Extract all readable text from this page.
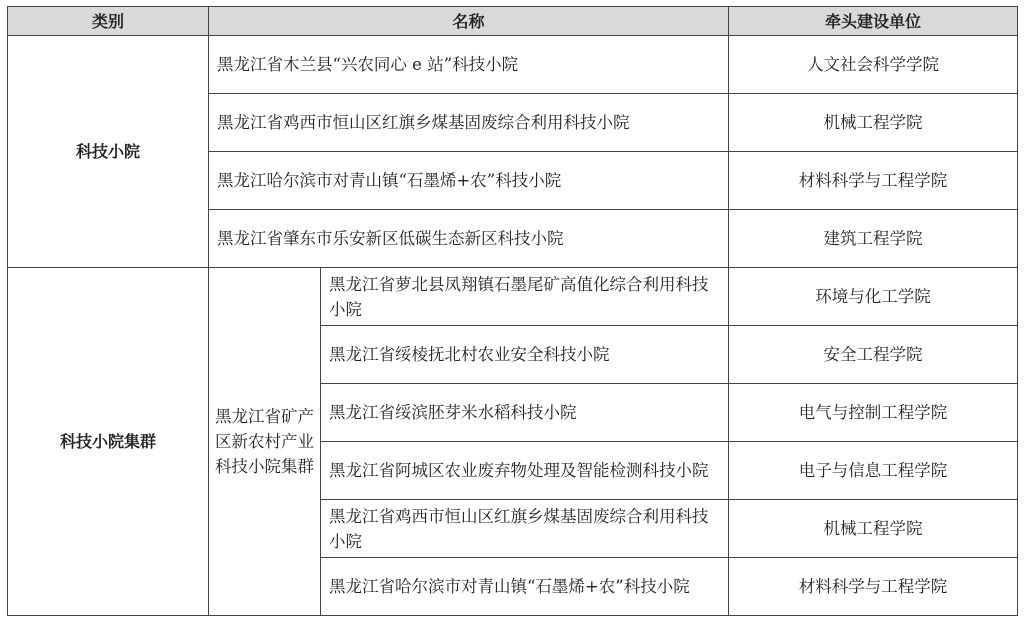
类别	名称		牵头建设单位
科技小院	黑龙江省木兰县“兴农同心 e 站”科技小院		人文社会科学学院
	黑龙江省鸡西市恒山区红旗乡煤基固废综合利用科技小院		机械工程学院
	黑龙江哈尔滨市对青山镇“石墨烯+农”科技小院		材料科学与工程学院
	黑龙江省肇东市乐安新区低碳生态新区科技小院		建筑工程学院
科技小院集群	黑龙江省矿产区新农村产业科技小院集群	黑龙江省萝北县凤翔镇石墨尾矿高值化综合利用科技小院	环境与化工学院
		黑龙江省绥棱抚北村农业安全科技小院	安全工程学院
		黑龙江省绥滨胚芽米水稻科技小院	电气与控制工程学院
		黑龙江省阿城区农业废弃物处理及智能检测科技小院	电子与信息工程学院
		黑龙江省鸡西市恒山区红旗乡煤基固废综合利用科技小院	机械工程学院
		黑龙江省哈尔滨市对青山镇“石墨烯+农”科技小院	材料科学与工程学院
